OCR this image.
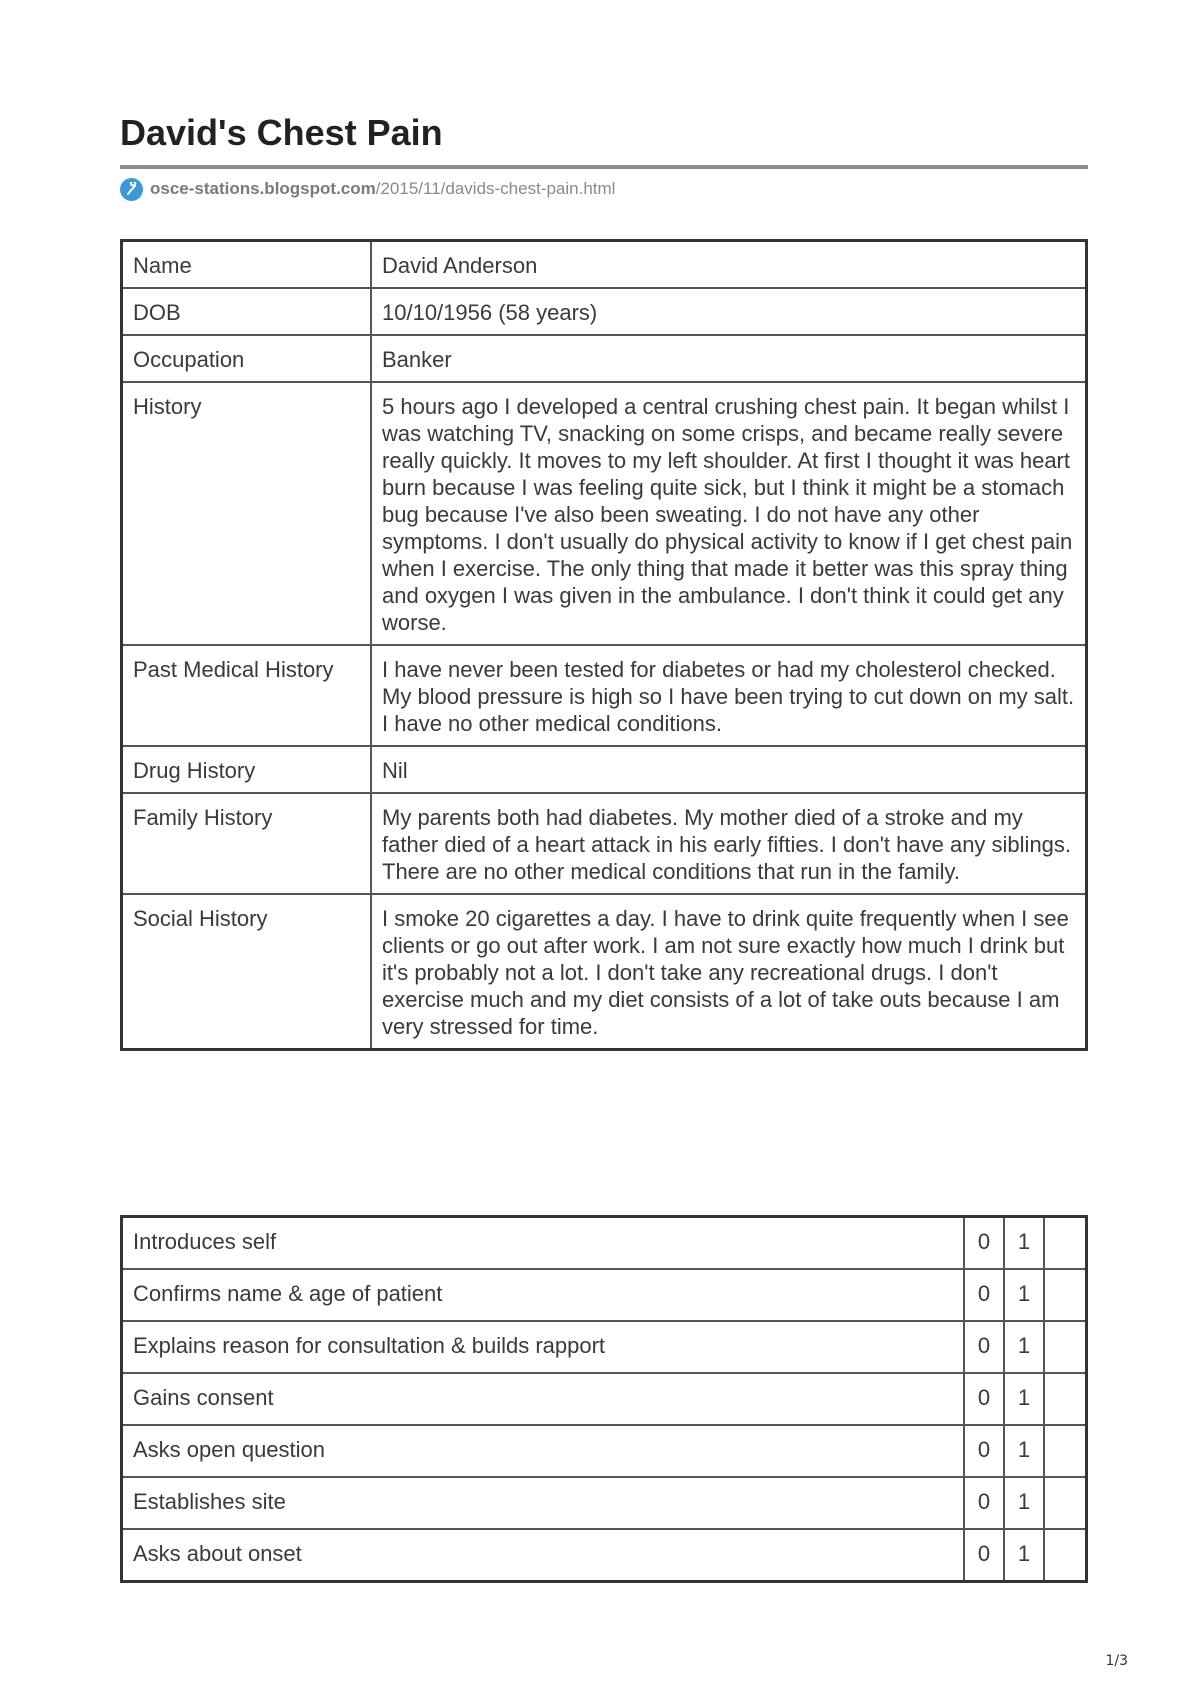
David's Chest Pain
osce-stations.blogspot.com /2015/11/davids-chest-pain.html
Name	David Anderson
DOB	10/10/1956 (58 years)
Occupation	Banker
History	5 hours ago I developed a central crushing chest pain. It began whilst I was watching TV, snacking on some crisps, and became really severe really quickly. It moves to my left shoulder. At first I thought it was heart burn because I was feeling quite sick, but I think it might be a stomach bug because I've also been sweating. I do not have any other symptoms. I don't usually do physical activity to know if I get chest pain when I exercise. The only thing that made it better was this spray thing and oxygen I was given in the ambulance. I don't think it could get any worse.
Past Medical History	I have never been tested for diabetes or had my cholesterol checked. My blood pressure is high so I have been trying to cut down on my salt. I have no other medical conditions.
Drug History	Nil
Family History	My parents both had diabetes. My mother died of a stroke and my father died of a heart attack in his early fifties. I don't have any siblings. There are no other medical conditions that run in the family.
Social History	I smoke 20 cigarettes a day. I have to drink quite frequently when I see clients or go out after work. I am not sure exactly how much I drink but it's probably not a lot. I don't take any recreational drugs. I don't exercise much and my diet consists of a lot of take outs because I am very stressed for time.
Introduces self	0	1	
Confirms name & age of patient	0	1	
Explains reason for consultation & builds rapport	0	1	
Gains consent	0	1	
Asks open question	0	1	
Establishes site	0	1	
Asks about onset	0	1	
1/3
